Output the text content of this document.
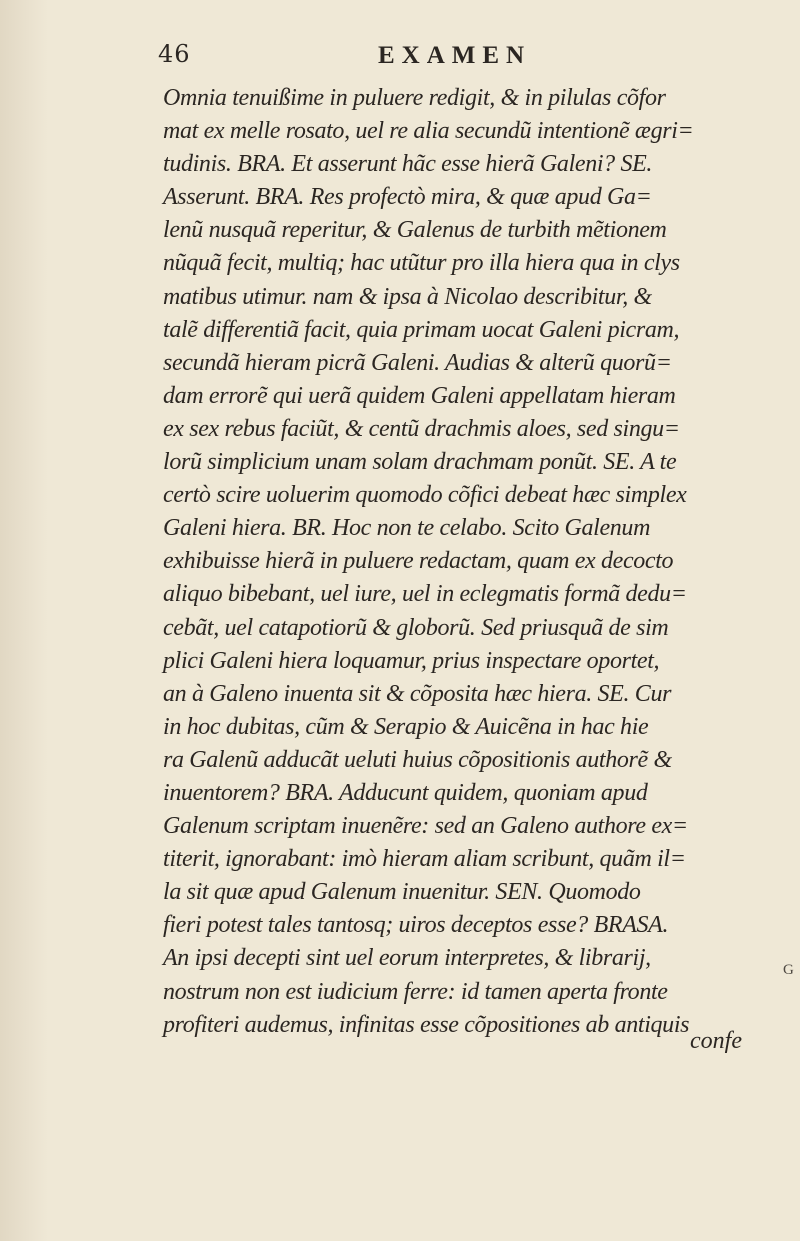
46	EXAMEN
Omnia tenuißime in puluere redigit, & in pilulas cõfor
mat ex melle rosato, uel re alia secundũ intentionẽ ægri=
tudinis. BRA. Et asserunt hãc esse hierã Galeni? SE.
Asserunt. BRA. Res profectò mira, & quæ apud Ga=
lenũ nusquã reperitur, & Galenus de turbith mẽtionem
nũquã fecit, multiq; hac utũtur pro illa hiera qua in clys
matibus utimur. nam & ipsa à Nicolao describitur, &
talẽ differentiã facit, quia primam uocat Galeni picram,
secundã hieram picrã Galeni. Audias & alterũ quorũ=
dam errorẽ qui uerã quidem Galeni appellatam hieram
ex sex rebus faciũt, & centũ drachmis aloes, sed singu=
lorũ simplicium unam solam drachmam ponũt. SE. A te
certò scire uoluerim quomodo cõfici debeat hæc simplex
Galeni hiera. BR. Hoc non te celabo. Scito Galenum
exhibuisse hierã in puluere redactam, quam ex decocto
aliquo bibebant, uel iure, uel in eclegmatis formã dedu=
cebãt, uel catapotiorũ & globorũ. Sed priusquã de sim
plici Galeni hiera loquamur, prius inspectare oportet,
an à Galeno inuenta sit & cõposita hæc hiera. SE. Cur
in hoc dubitas, cũm & Serapio & Auicẽna in hac hie
ra Galenũ adducãt ueluti huius cõpositionis authorẽ &
inuentorem? BRA. Adducunt quidem, quoniam apud
Galenum scriptam inuenẽre: sed an Galeno authore ex=
titerit, ignorabant: imò hieram aliam scribunt, quãm il=
la sit quæ apud Galenum inuenitur. SEN. Quomodo
fieri potest tales tantosq; uiros deceptos esse? BRASA.
An ipsi decepti sint uel eorum interpretes, & librarij,
nostrum non est iudicium ferre: id tamen aperta fronte
profiteri audemus, infinitas esse cõpositiones ab antiquis
G
confe
